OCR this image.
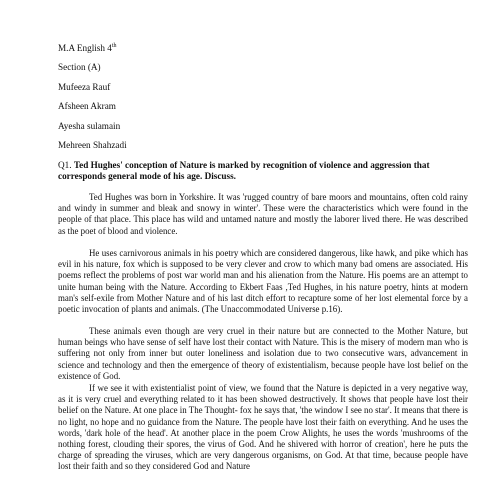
M.A English 4th
Section (A)
Mufeeza Rauf
Afsheen Akram
Ayesha sulamain
Mehreen Shahzadi
Q1. Ted Hughes' conception of Nature is marked by recognition of violence and aggression that corresponds general mode of his age. Discuss.

Ted Hughes was born in Yorkshire. It was 'rugged country of bare moors and mountains, often cold rainy and windy in summer and bleak and snowy in winter'. These were the characteristics which were found in the people of that place. This place has wild and untamed nature and mostly the laborer lived there. He was described as the poet of blood and violence.

He uses carnivorous animals in his poetry which are considered dangerous, like hawk, and pike which has evil in his nature, fox which is supposed to be very clever and crow to which many bad omens are associated. His poems reflect the problems of post war world man and his alienation from the Nature. His poems are an attempt to unite human being with the Nature. According to Ekbert Faas ,Ted Hughes, in his nature poetry, hints at modern man's self-exile from Mother Nature and of his last ditch effort to recapture some of her lost elemental force by a poetic invocation of plants and animals. (The Unaccommodated Universe p.16).

These animals even though are very cruel in their nature but are connected to the Mother Nature, but human beings who have sense of self have lost their contact with Nature. This is the misery of modern man who is suffering not only from inner but outer loneliness and isolation due to two consecutive wars, advancement in science and technology and then the emergence of theory of existentialism, because people have lost belief on the existence of God.

If we see it with existentialist point of view, we found that the Nature is depicted in a very negative way, as it is very cruel and everything related to it has been showed destructively. It shows that people have lost their belief on the Nature. At one place in The Thought- fox he says that, 'the window I see no star'. It means that there is no light, no hope and no guidance from the Nature. The people have lost their faith on everything. And he uses the words, 'dark hole of the head'. At another place in the poem Crow Alights, he uses the words 'mushrooms of the nothing forest, clouding their spores, the virus of God. And he shivered with horror of creation', here he puts the charge of spreading the viruses, which are very dangerous organisms, on God. At that time, because people have lost their faith and so they considered God and Nature
